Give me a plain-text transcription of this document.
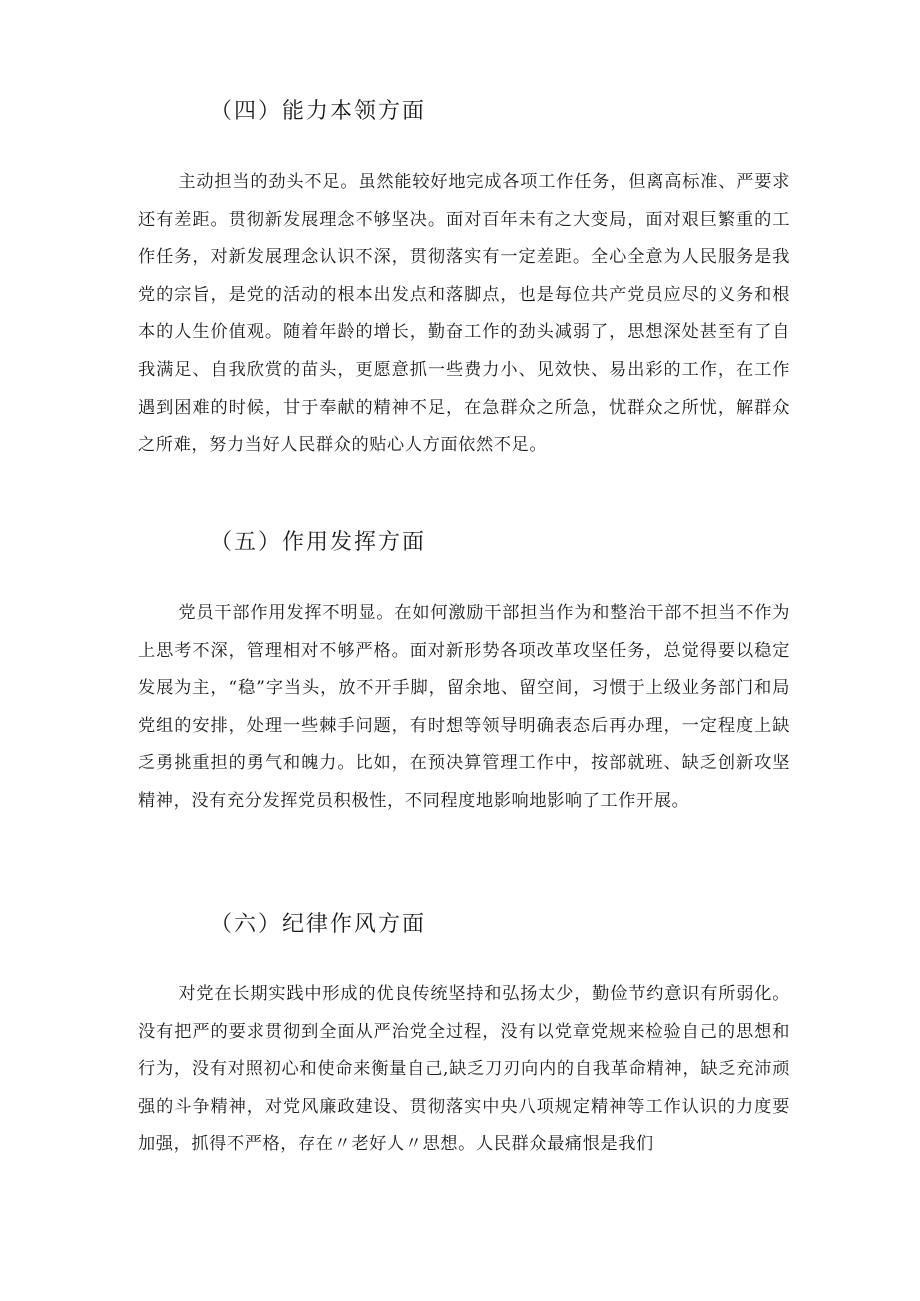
（四）能力本领方面

主动担当的劲头不足。虽然能较好地完成各项工作任务，但离高标准、严要求还有差距。贯彻新发展理念不够坚决。面对百年未有之大变局，面对艰巨繁重的工作任务，对新发展理念认识不深，贯彻落实有一定差距。全心全意为人民服务是我党的宗旨，是党的活动的根本出发点和落脚点，也是每位共产党员应尽的义务和根本的人生价值观。随着年龄的增长，勤奋工作的劲头减弱了，思想深处甚至有了自我满足、自我欣赏的苗头，更愿意抓一些费力小、见效快、易出彩的工作，在工作遇到困难的时候，甘于奉献的精神不足，在急群众之所急，忧群众之所忧，解群众之所难，努力当好人民群众的贴心人方面依然不足。

（五）作用发挥方面

党员干部作用发挥不明显。在如何激励干部担当作为和整治干部不担当不作为上思考不深，管理相对不够严格。面对新形势各项改革攻坚任务，总觉得要以稳定发展为主，“稳”字当头，放不开手脚，留余地、留空间，习惯于上级业务部门和局党组的安排，处理一些棘手问题，有时想等领导明确表态后再办理，一定程度上缺乏勇挑重担的勇气和魄力。比如，在预决算管理工作中，按部就班、缺乏创新攻坚精神，没有充分发挥党员积极性，不同程度地影响地影响了工作开展。

（六）纪律作风方面

对党在长期实践中形成的优良传统坚持和弘扬太少，勤俭节约意识有所弱化。没有把严的要求贯彻到全面从严治党全过程，没有以党章党规来检验自己的思想和行为，没有对照初心和使命来衡量自己,缺乏刀刃向内的自我革命精神，缺乏充沛顽强的斗争精神，对党风廉政建设、贯彻落实中央八项规定精神等工作认识的力度要加强，抓得不严格，存在〃老好人〃思想。人民群众最痛恨是我们
